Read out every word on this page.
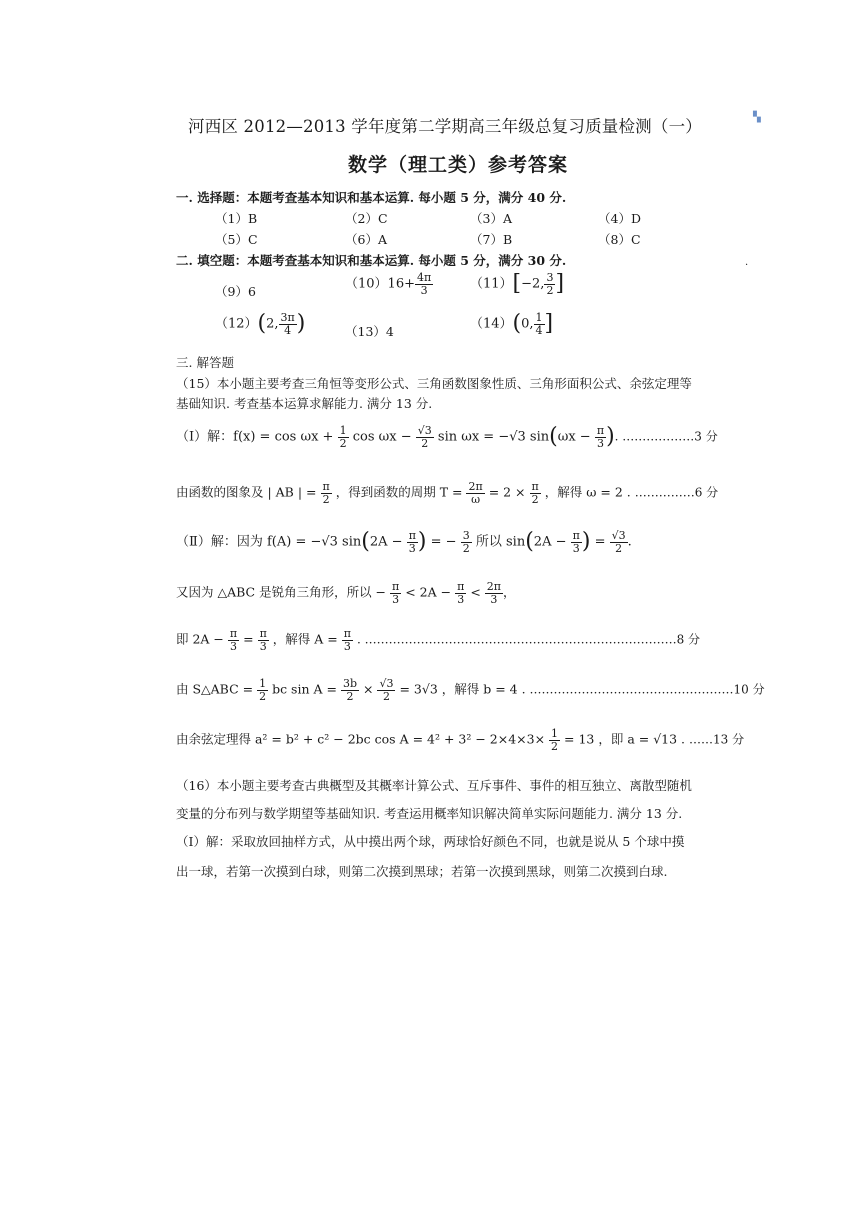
河西区 2012—2013 学年度第二学期高三年级总复习质量检测（一）	▚
数学（理工类）参考答案
一. 选择题：本题考查基本知识和基本运算. 每小题 5 分，满分 40 分.
（1）B	（2）C	（3）A	（4）D
（5）C	（6）A	（7）B	（8）C
二. 填空题：本题考查基本知识和基本运算. 每小题 5 分，满分 30 分.	.
（9）6	$(10)16+ \frac{4\pi}{3}$	（11）[−2, $\frac{3}{2}$ ]
（12）(2, $\frac{3\pi}{4}$ )	（13）4	（14）(0, $\frac{1}{4}$ ]
三. 解答题
（15）本小题主要考查三角恒等变形公式、三角函数图象性质、三角形面积公式、余弦定理等
基础知识. 考查基本运算求解能力. 满分 13 分.
（Ⅰ）解：$f(x) = \cos \omega x + \frac{1}{2}$ $\cos \omega x - \frac{√3}{2}$ sin ωx = −√3 $\sin(\omega x - \frac{\pi}{3}$ ). ………………3 分
由函数的图象及 | AB | = $\frac{\pi}{2}$ ，得到函数的周期 $T = \frac{2\pi}{\omega} = 2 \times \frac{\pi}{2}$ ，解得 ω = 2 . ……………6 分
（Ⅱ）解：因为 f(A) = −√3 $\sin(2A - \frac{\pi}{3}$ ) = − $\frac{3}{2}$ 所以 $\sin(2A - \frac{\pi}{3}$ ) = $\frac{√3}{2}$ .
又因为 △ABC 是锐角三角形，所以 − $\frac{\pi}{3} < 2A - \frac{\pi}{3} < \frac{2\pi}{3}$ ，
即 $2A - \frac{\pi}{3} = \frac{\pi}{3}$ ，解得 $A = \frac{\pi}{3}$ . ……………………………………………………………………8 分
由 S△ABC = $\frac{1}{2}$ bc $\sin A = \frac{3b}{2} \times \frac{√3}{2} = 3√3$ ，解得 b = 4 . ……………………………………………10 分
由余弦定理得 a² = b² + c² − 2bc $\cos A = 4^2 + 3^2 - 2\times 4\times 3\times \frac{1}{2} = 13$ ，即 a = √13 . ……13 分
（16）本小题主要考查古典概型及其概率计算公式、互斥事件、事件的相互独立、离散型随机
变量的分布列与数学期望等基础知识. 考查运用概率知识解决简单实际问题能力. 满分 13 分.
（Ⅰ）解：采取放回抽样方式，从中摸出两个球，两球恰好颜色不同，也就是说从 5 个球中摸
出一球，若第一次摸到白球，则第二次摸到黑球；若第一次摸到黑球，则第二次摸到白球.
